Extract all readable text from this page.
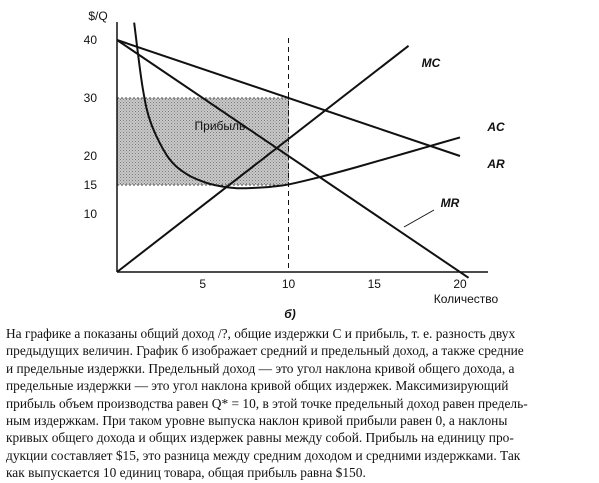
Прибыль
$/Q
Количество
б)
5	10	15	20
40
30
20
15
10
MC
AC
AR
MR

На графике а показаны общий доход /?, общие издержки С и прибыль, т. е. разность двух

предыдущих величин. График б изображает средний и предельный доход, а также средние

и предельные издержки. Предельный доход — это угол наклона кривой общего дохода, а

предельные издержки — это угол наклона кривой общих издержек. Максимизирующий

прибыль объем производства равен Q* = 10, в этой точке предельный доход равен предель-

ным издержкам. При таком уровне выпуска наклон кривой прибыли равен 0, а наклоны

кривых общего дохода и общих издержек равны между собой. Прибыль на единицу про-

дукции составляет $15, это разница между средним доходом и средними издержками. Так

как выпускается 10 единиц товара, общая прибыль равна $150.
